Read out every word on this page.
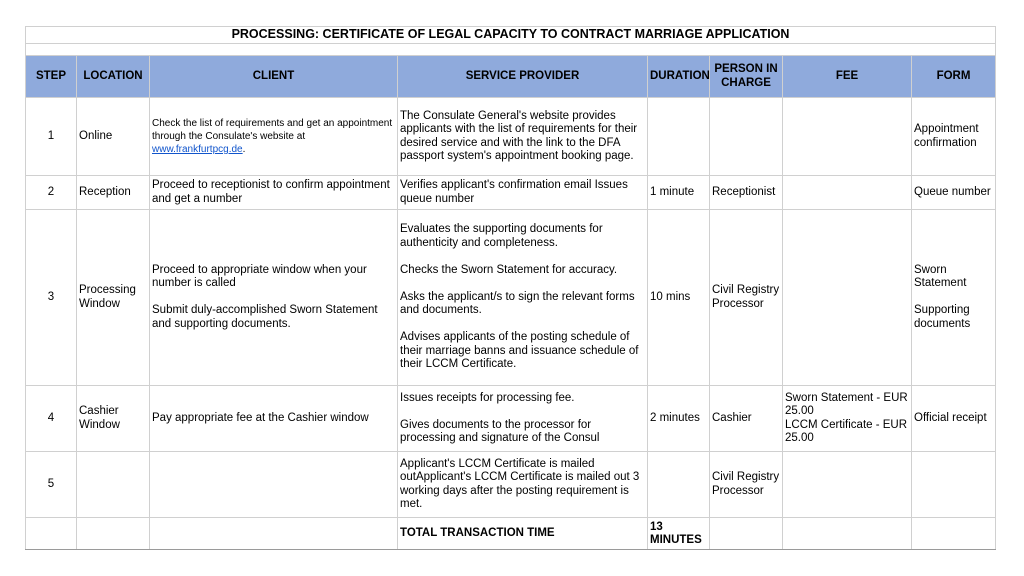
PROCESSING: CERTIFICATE OF LEGAL CAPACITY TO CONTRACT MARRIAGE APPLICATION							

STEP	LOCATION	CLIENT	SERVICE PROVIDER	DURATION	PERSON IN CHARGE	FEE	FORM
1	Online	Check the list of requirements and get an appointment through the Consulate's website at www.frankfurtpcg.de.	The Consulate General's website provides applicants with the list of requirements for their desired service and with the link to the DFA passport system's appointment booking page.				Appointment confirmation

2	Reception	Proceed to receptionist to confirm appointment and get a number	Verifies applicant's confirmation email Issues queue number	1 minute	Receptionist		Queue number

3	Processing Window	Proceed to appropriate window when your number is called
Submit duly-accomplished Sworn Statement and supporting documents.	Evaluates the supporting documents for authenticity and completeness.
Checks the Sworn Statement for accuracy.
Asks the applicant/s to sign the relevant forms and documents.
Advises applicants of the posting schedule of their marriage banns and issuance schedule of their LCCM Certificate.	10 mins	Civil Registry Processor		Sworn Statement
Supporting documents

4	Cashier Window	Pay appropriate fee at the Cashier window	Issues receipts for processing fee.
Gives documents to the processor for processing and signature of the Consul	2 minutes	Cashier	Sworn Statement - EUR 25.00
LCCM Certificate - EUR 25.00	Official receipt

5			Applicant's LCCM Certificate is mailed outApplicant's LCCM Certificate is mailed out 3 working days after the posting requirement is met.		Civil Registry Processor		
			TOTAL TRANSACTION TIME	13 MINUTES			
